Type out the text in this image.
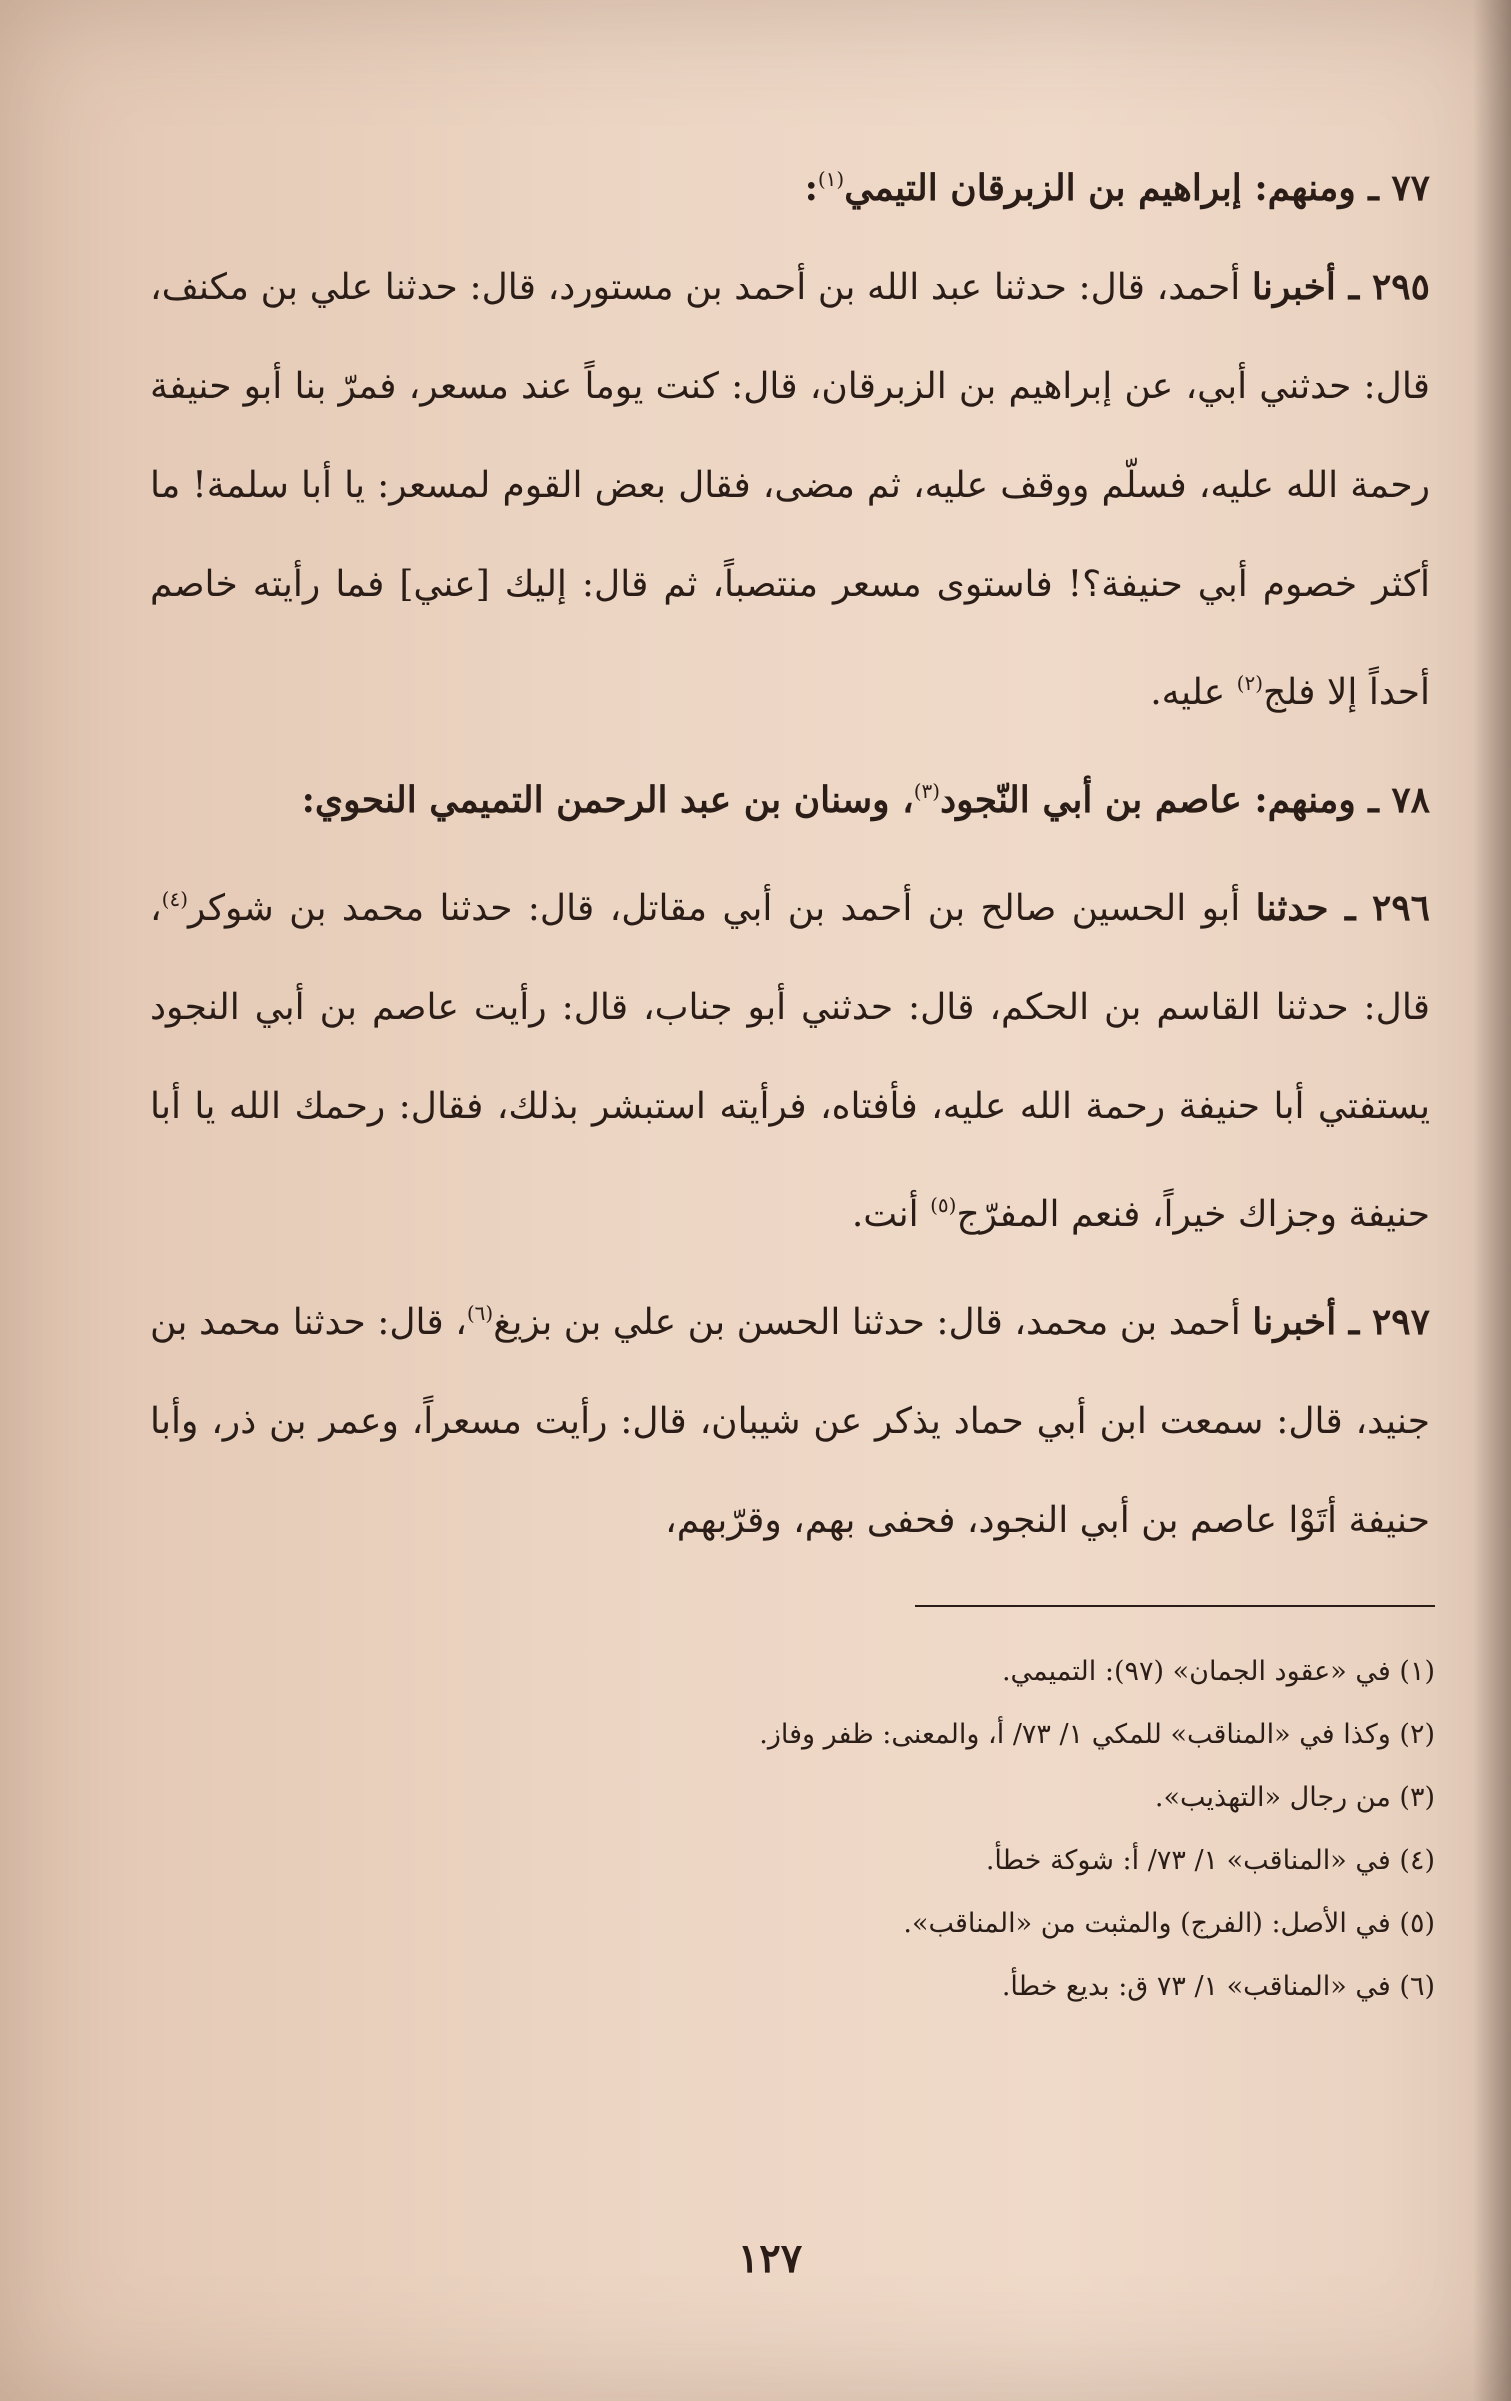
٧٧ ـ ومنهم: إبراهيم بن الزبرقان التيمي$^{(١)}$:

٢٩٥ ـ أخبرنا أحمد، قال: حدثنا عبد الله بن أحمد بن مستورد، قال: حدثنا علي بن مكنف، قال: حدثني أبي، عن إبراهيم بن الزبرقان، قال: كنت يوماً عند مسعر، فمرّ بنا أبو حنيفة رحمة الله عليه، فسلّم ووقف عليه، ثم مضى، فقال بعض القوم لمسعر: يا أبا سلمة! ما أكثر خصوم أبي حنيفة؟! فاستوى مسعر منتصباً، ثم قال: إليك [عني] فما رأيته خاصم أحداً إلا فلج$^{(٢)}$ عليه.

٧٨ ـ ومنهم: عاصم بن أبي النّجود$^{(٣)}$، وسنان بن عبد الرحمن التميمي النحوي:

٢٩٦ ـ حدثنا أبو الحسين صالح بن أحمد بن أبي مقاتل، قال: حدثنا محمد بن شوكر$^{(٤)}$، قال: حدثنا القاسم بن الحكم، قال: حدثني أبو جناب، قال: رأيت عاصم بن أبي النجود يستفتي أبا حنيفة رحمة الله عليه، فأفتاه، فرأيته استبشر بذلك، فقال: رحمك الله يا أبا حنيفة وجزاك خيراً، فنعم المفرّج$^{(٥)}$ أنت.

٢٩٧ ـ أخبرنا أحمد بن محمد، قال: حدثنا الحسن بن علي بن بزيغ$^{(٦)}$، قال: حدثنا محمد بن جنيد، قال: سمعت ابن أبي حماد يذكر عن شيبان، قال: رأيت مسعراً، وعمر بن ذر، وأبا حنيفة أتَوْا عاصم بن أبي النجود، فحفى بهم، وقرّبهم،

(١) في «عقود الجمان» (٩٧): التميمي.

(٢) وكذا في «المناقب» للمكي ١/ ٧٣/ أ، والمعنى: ظفر وفاز.

(٣) من رجال «التهذيب».

(٤) في «المناقب» ١/ ٧٣/ أ: شوكة خطأ.

(٥) في الأصل: (الفرج) والمثبت من «المناقب».

(٦) في «المناقب» ١/ ٧٣ ق: بديع خطأ.

١٢٧
